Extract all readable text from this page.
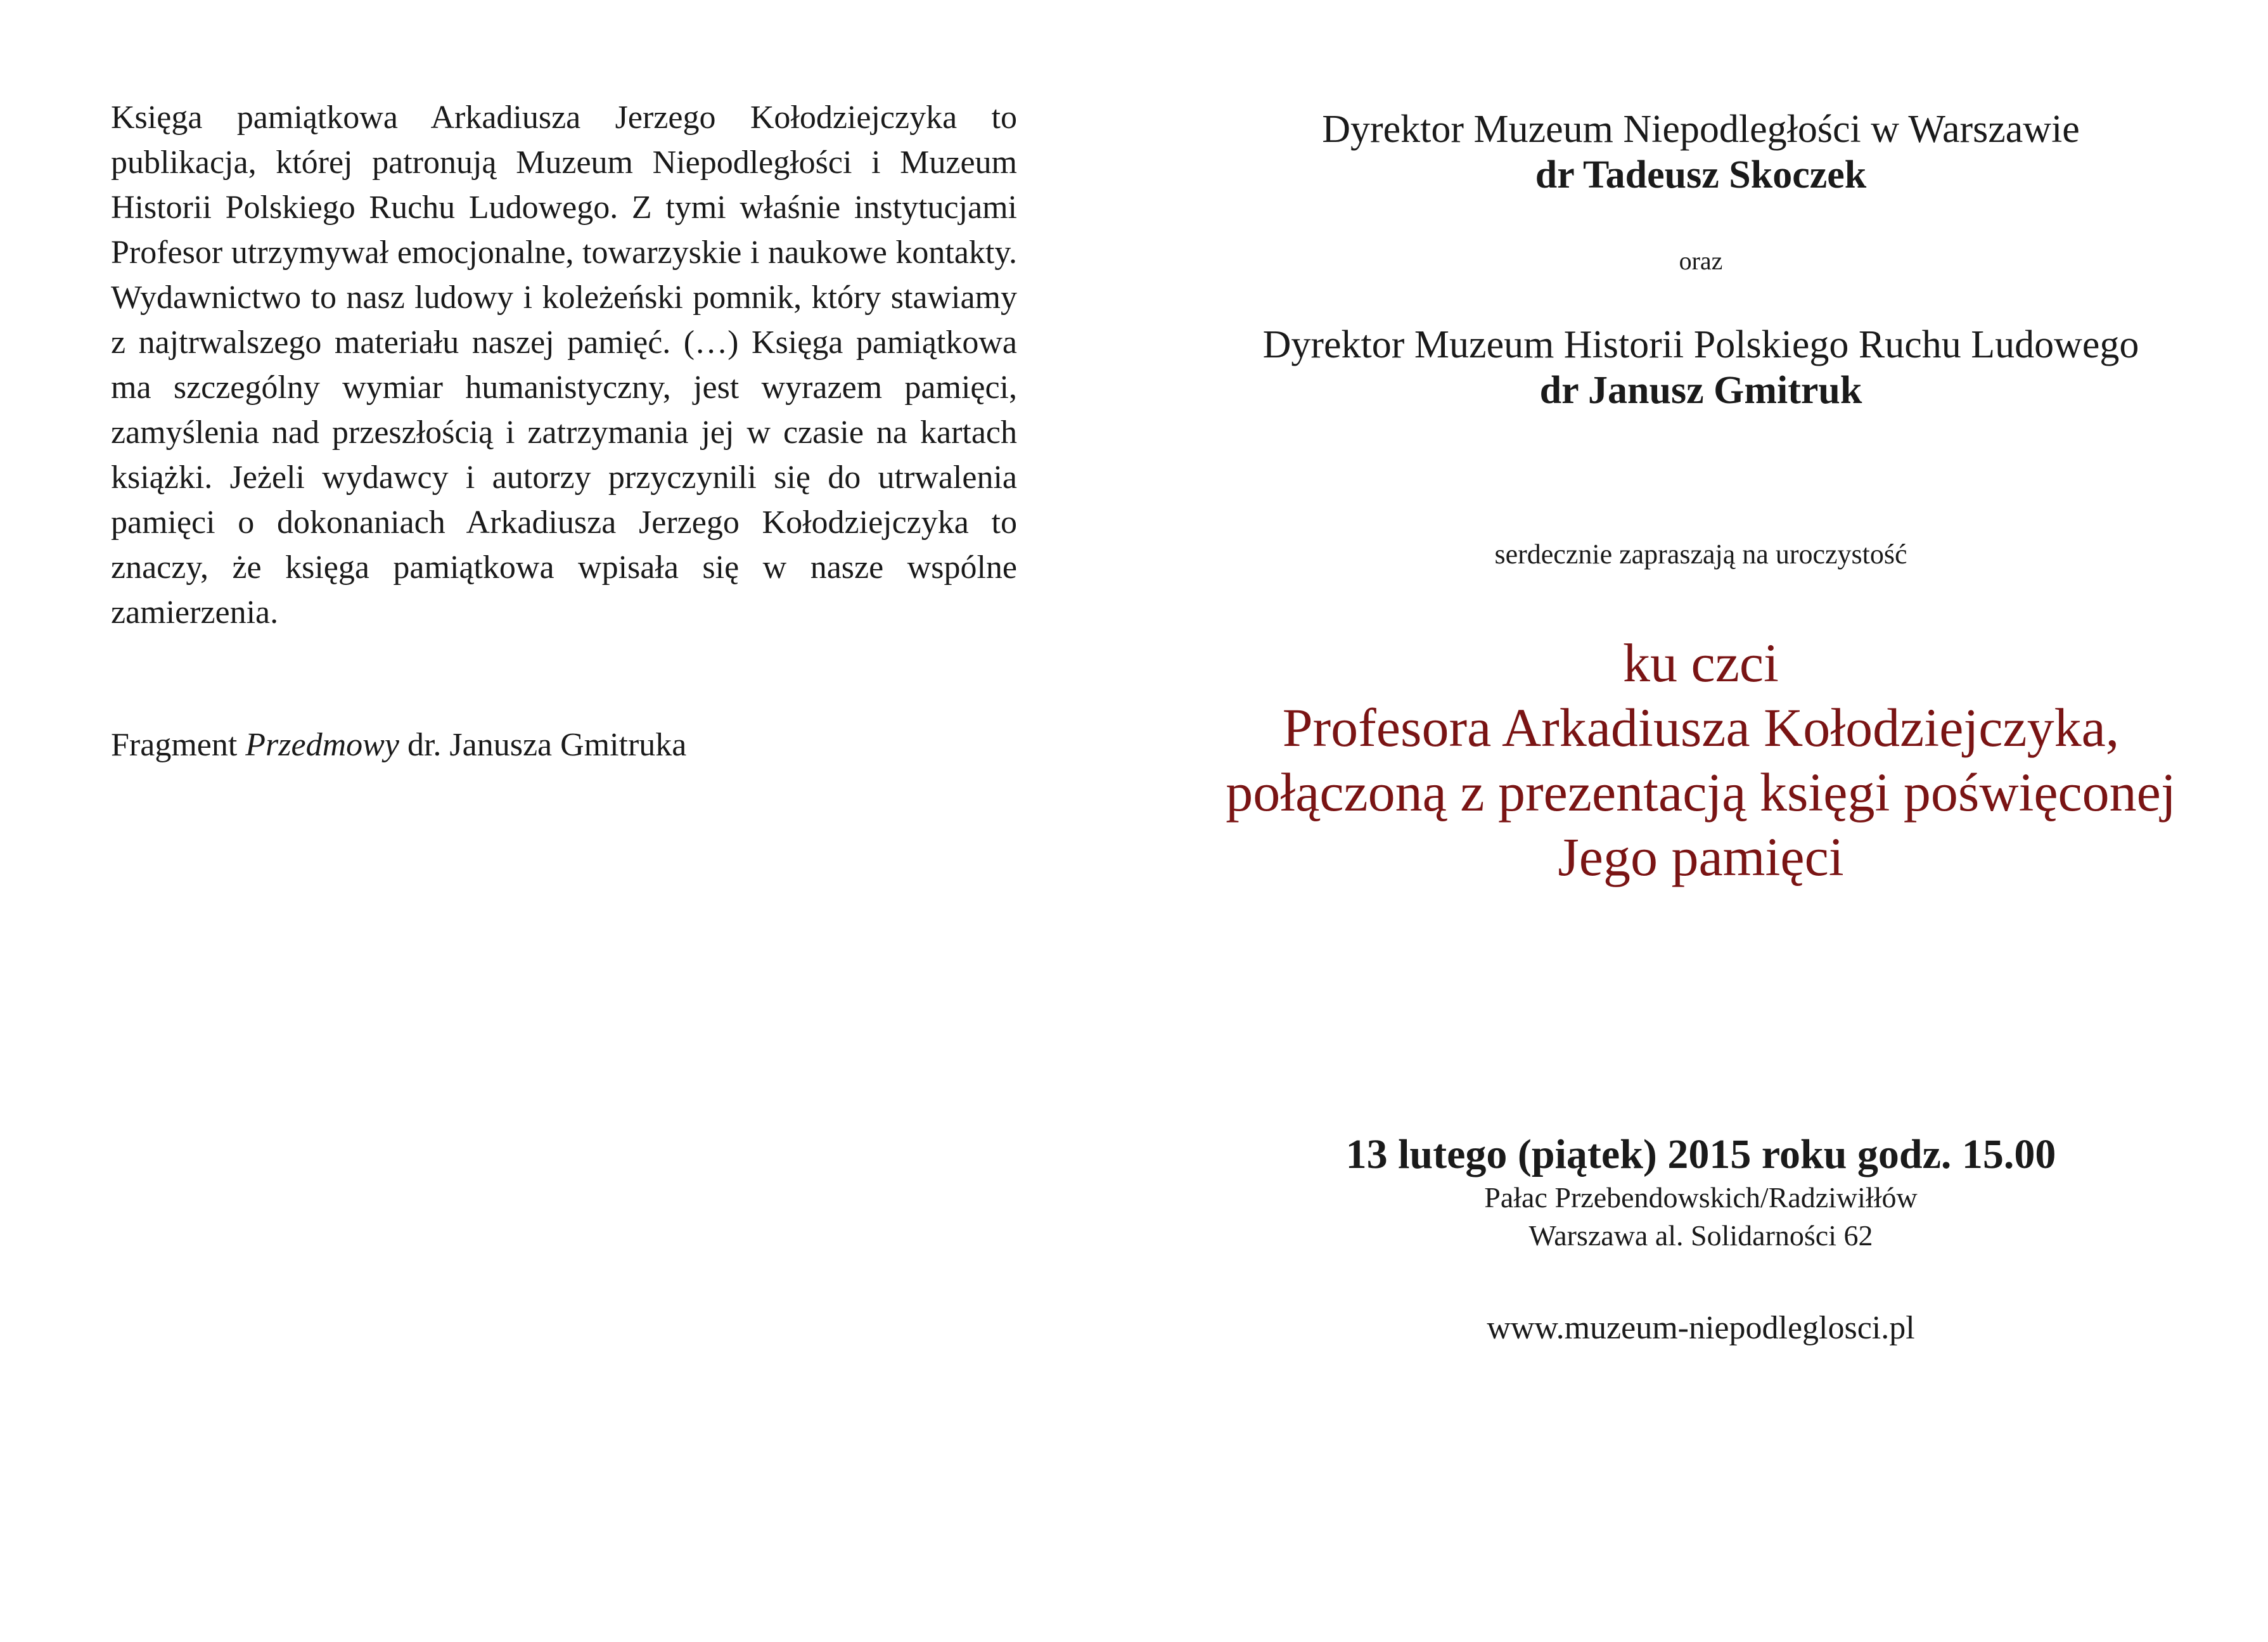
Księga pamiątkowa Arkadiusza Jerzego Kołodziejczyka to publikacja, której patronują Muzeum Niepodległości i Muzeum Historii Polskiego Ruchu Ludowego. Z tymi właśnie instytucjami Profesor utrzymywał emocjonalne, towarzyskie i naukowe kontakty. Wydawnictwo to nasz ludowy i koleżeński pomnik, który stawiamy z najtrwalszego materiału naszej pamięć. (…) Księga pamiątkowa ma szczególny wymiar humanistyczny, jest wyrazem pamięci, zamyślenia nad przeszłością i zatrzymania jej w czasie na kartach książki. Jeżeli wydawcy i autorzy przyczynili się do utrwalenia pamięci o dokonaniach Arkadiusza Jerzego Kołodziejczyka to znaczy, że księga pamiątkowa wpisała się w nasze wspólne zamierzenia.

Fragment Przedmowy dr. Janusza Gmitruka

Dyrektor Muzeum Niepodległości w Warszawie

dr Tadeusz Skoczek

oraz

Dyrektor Muzeum Historii Polskiego Ruchu Ludowego

dr Janusz Gmitruk

serdecznie zapraszają na uroczystość

ku czci

Profesora Arkadiusza Kołodziejczyka,

połączoną z prezentacją księgi poświęconej

Jego pamięci

13 lutego (piątek) 2015 roku godz. 15.00

Pałac Przebendowskich/Radziwiłłów

Warszawa al. Solidarności 62

www.muzeum-niepodleglosci.pl
